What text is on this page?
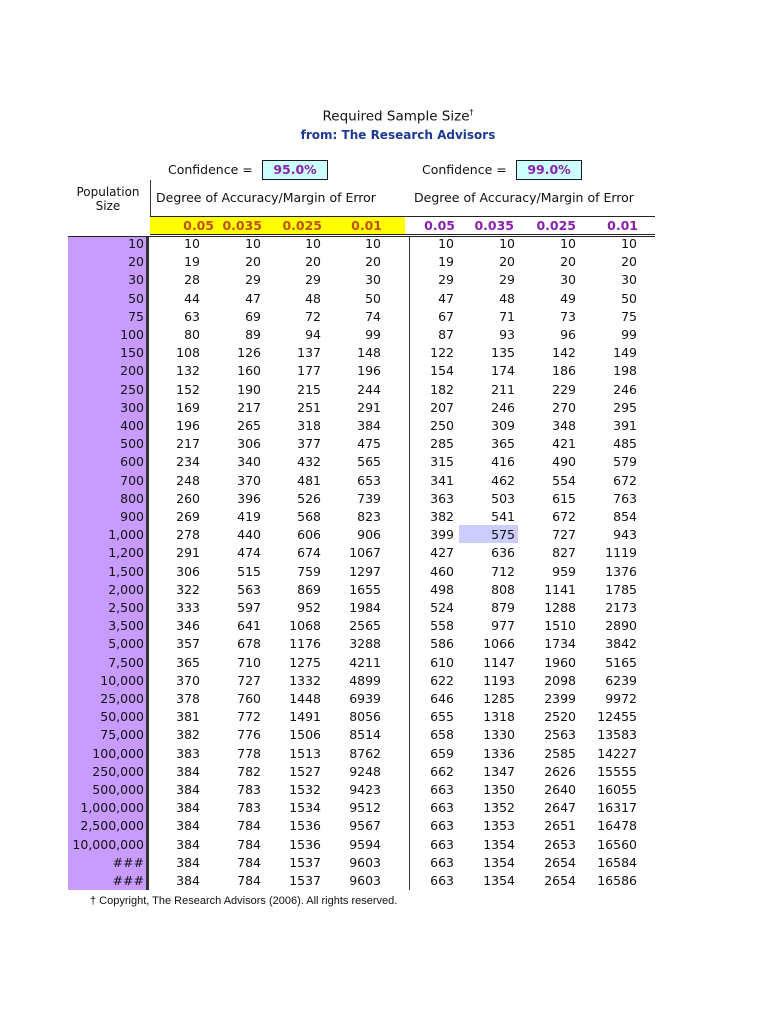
Required Sample Size†
from: The Research Advisors
Confidence =	95.0%	Confidence =	99.0%
Population
Size
Degree of Accuracy/Margin of Error	Degree of Accuracy/Margin of Error
0.05 0.035	0.025	0.01	0.05	0.035	0.025	0.01
10	10	10	10	10	10	10	10	10
20	19	20	20	20	19	20	20	20
30	28	29	29	30	29	29	30	30
50	44	47	48	50	47	48	49	50
75	63	69	72	74	67	71	73	75
100	80	89	94	99	87	93	96	99
150	108	126	137	148	122	135	142	149
200	132	160	177	196	154	174	186	198
250	152	190	215	244	182	211	229	246
300	169	217	251	291	207	246	270	295
400	196	265	318	384	250	309	348	391
500	217	306	377	475	285	365	421	485
600	234	340	432	565	315	416	490	579
700	248	370	481	653	341	462	554	672
800	260	396	526	739	363	503	615	763
900	269	419	568	823	382	541	672	854
1,000	278	440	606	906	399	575	727	943
1,200	291	474	674	1067	427	636	827	1119
1,500	306	515	759	1297	460	712	959	1376
2,000	322	563	869	1655	498	808	1141	1785
2,500	333	597	952	1984	524	879	1288	2173
3,500	346	641	1068	2565	558	977	1510	2890
5,000	357	678	1176	3288	586	1066	1734	3842
7,500	365	710	1275	4211	610	1147	1960	5165
10,000	370	727	1332	4899	622	1193	2098	6239
25,000	378	760	1448	6939	646	1285	2399	9972
50,000	381	772	1491	8056	655	1318	2520	12455
75,000	382	776	1506	8514	658	1330	2563	13583
100,000	383	778	1513	8762	659	1336	2585	14227
250,000	384	782	1527	9248	662	1347	2626	15555
500,000	384	783	1532	9423	663	1350	2640	16055
1,000,000	384	783	1534	9512	663	1352	2647	16317
2,500,000	384	784	1536	9567	663	1353	2651	16478
10,000,000	384	784	1536	9594	663	1354	2653	16560
###	384	784	1537	9603	663	1354	2654	16584
###	384	784	1537	9603	663	1354	2654	16586
† Copyright, The Research Advisors (2006). All rights reserved.
